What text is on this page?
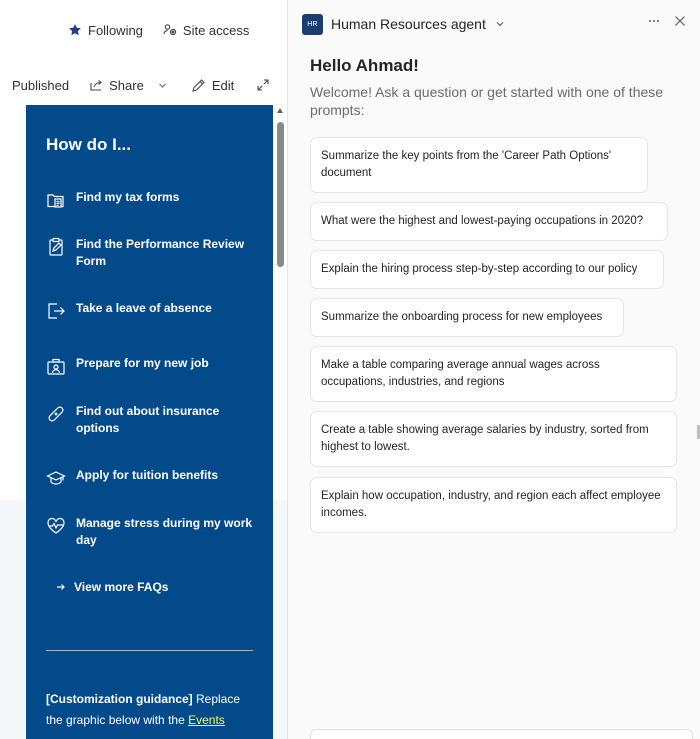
Following	Site access
Published	Share	Edit
How do I...
Find my tax forms
Find the Performance Review Form
Take a leave of absence
Prepare for my new job
Find out about insurance options
Apply for tuition benefits
Manage stress during my work day
View more FAQs
[Customization guidance] Replace the graphic below with the Events
HR Human Resources agent
Hello Ahmad!
Welcome! Ask a question or get started with one of these prompts:
Summarize the key points from the 'Career Path Options' document
What were the highest and lowest-paying occupations in 2020?
Explain the hiring process step-by-step according to our policy
Summarize the onboarding process for new employees
Make a table comparing average annual wages across occupations, industries, and regions
Create a table showing average salaries by industry, sorted from highest to lowest.
Explain how occupation, industry, and region each affect employee incomes.
